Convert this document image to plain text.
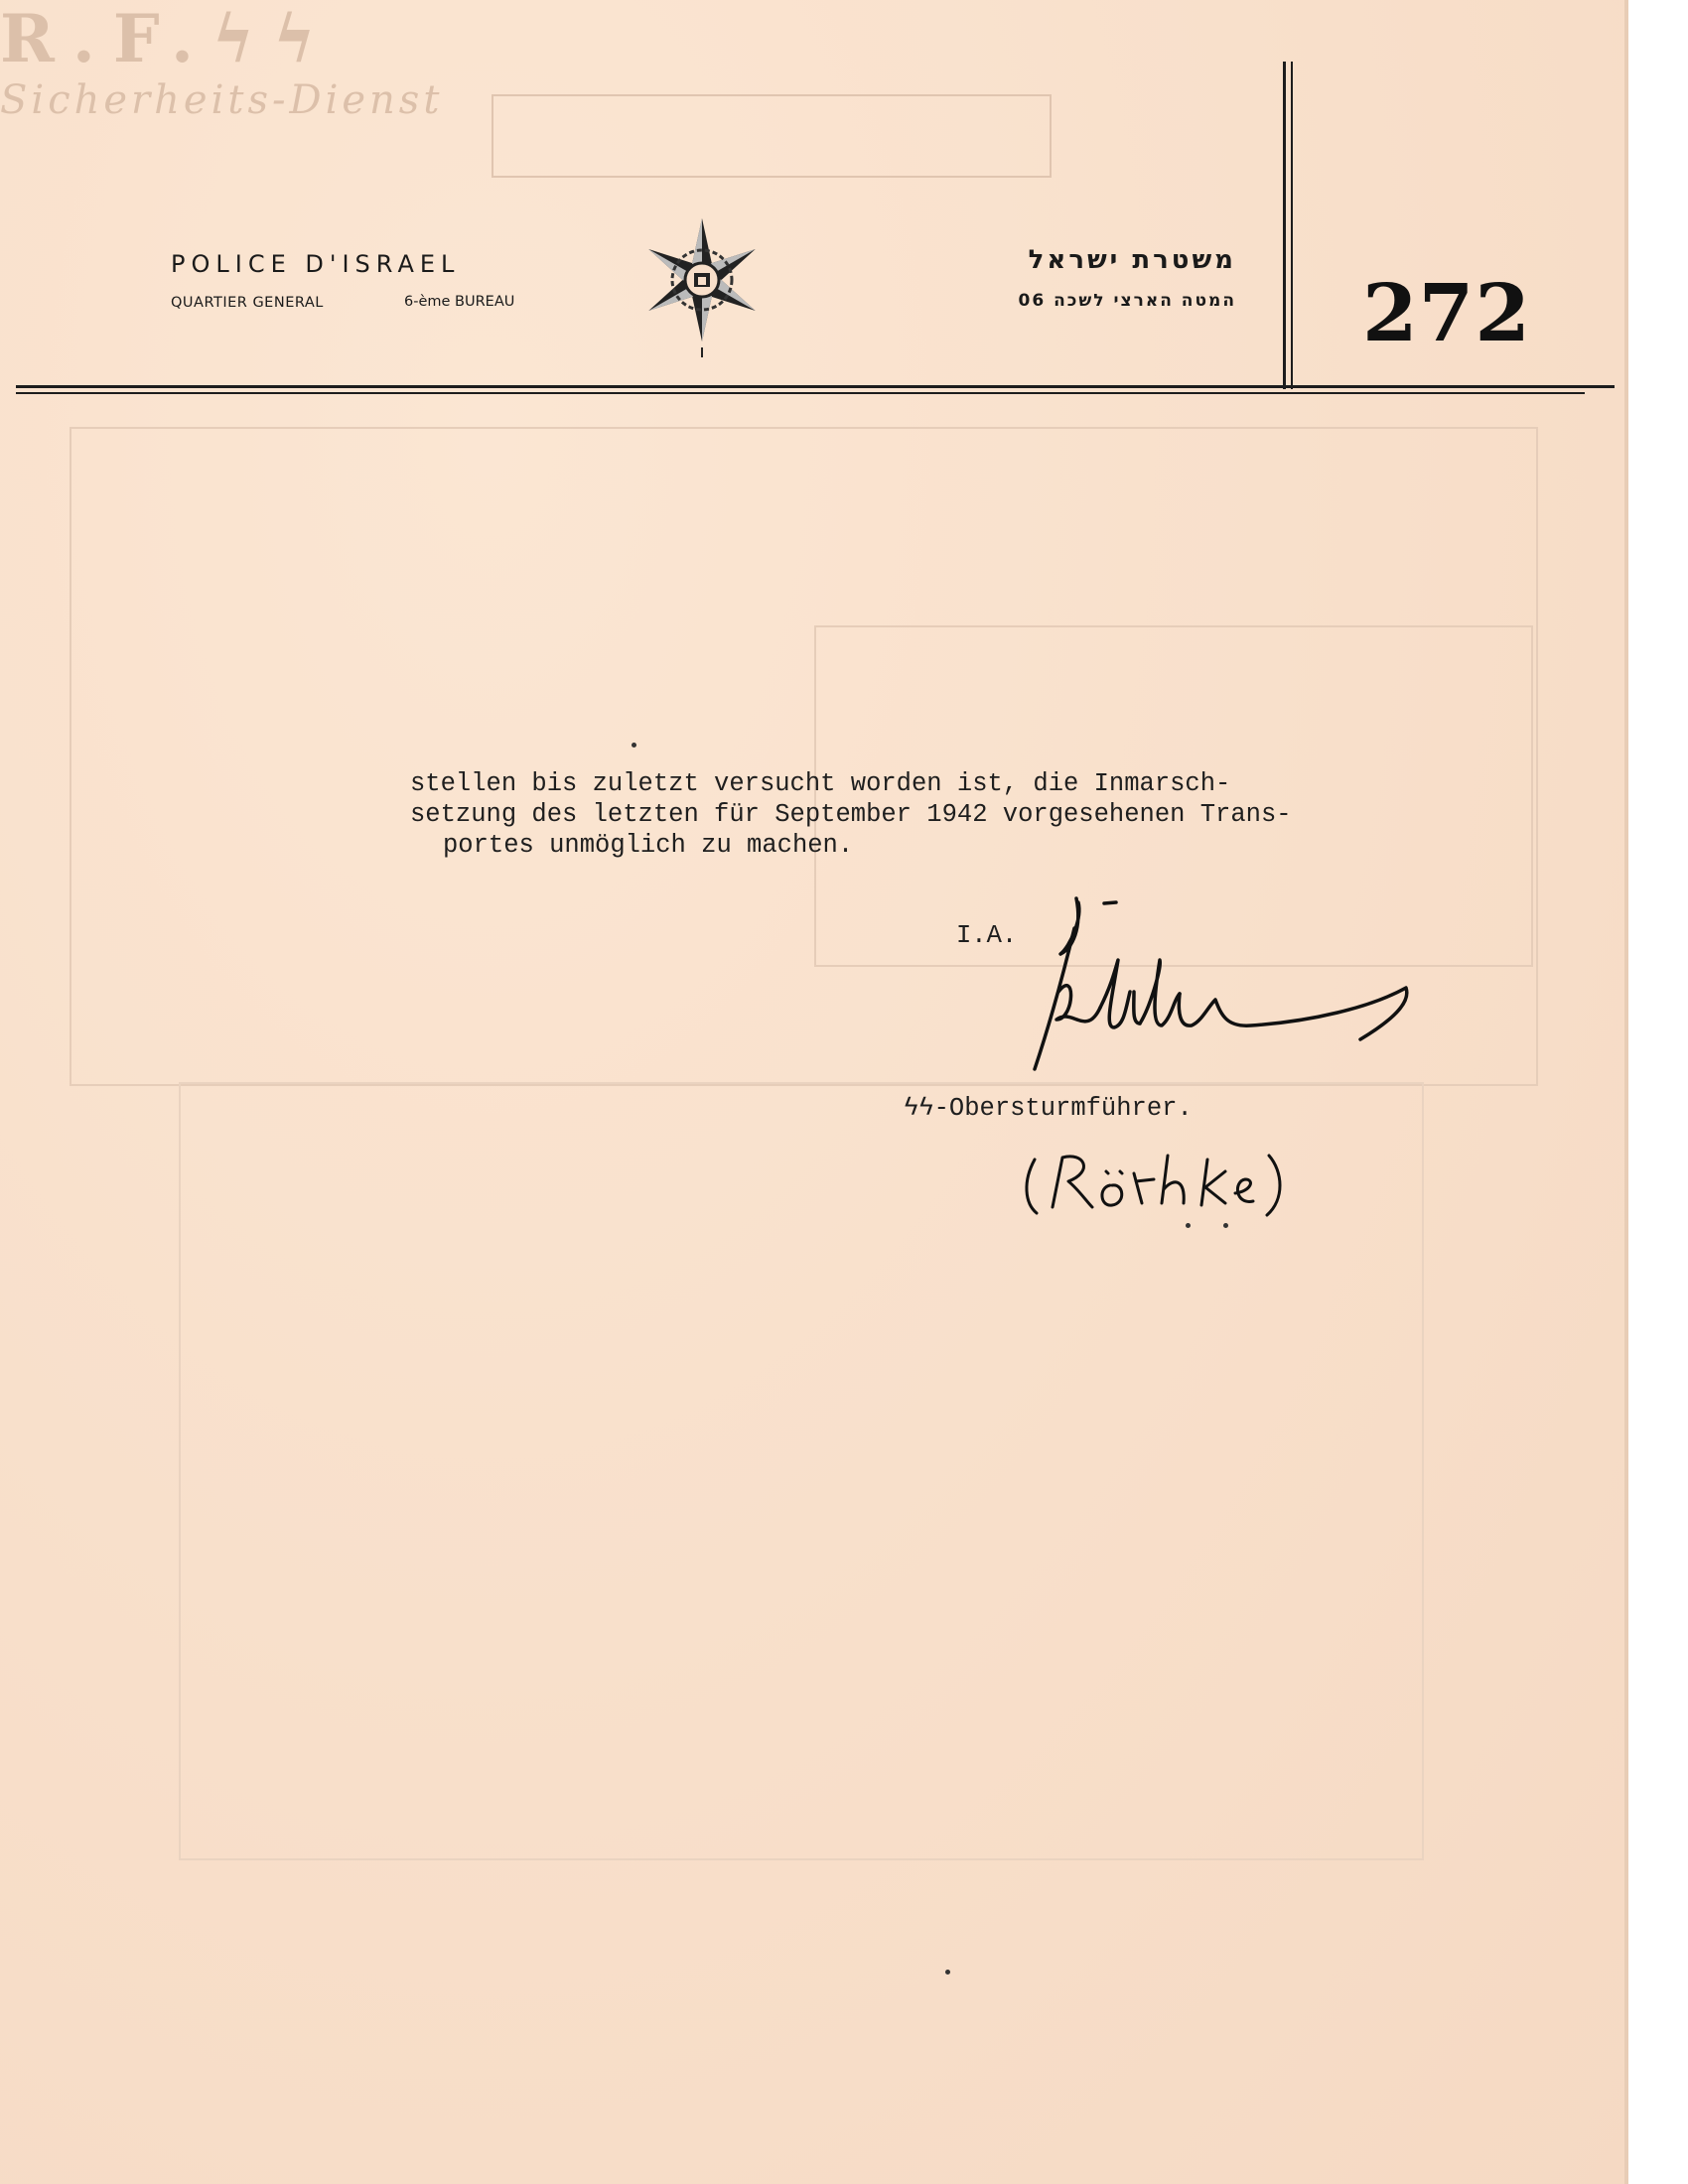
R.F.ϟϟ
Sicherheits-Dienst
POLICE D'ISRAEL
QUARTIER GENERAL	6-ème BUREAU
משטרת ישראל
המטה הארצי לשכה 06 272
stellen bis zuletzt versucht worden ist, die Inmarsch-
setzung des letzten für September 1942 vorgesehenen Trans-
portes unmöglich zu machen.
I.A.
ϟϟ-Obersturmführer.
